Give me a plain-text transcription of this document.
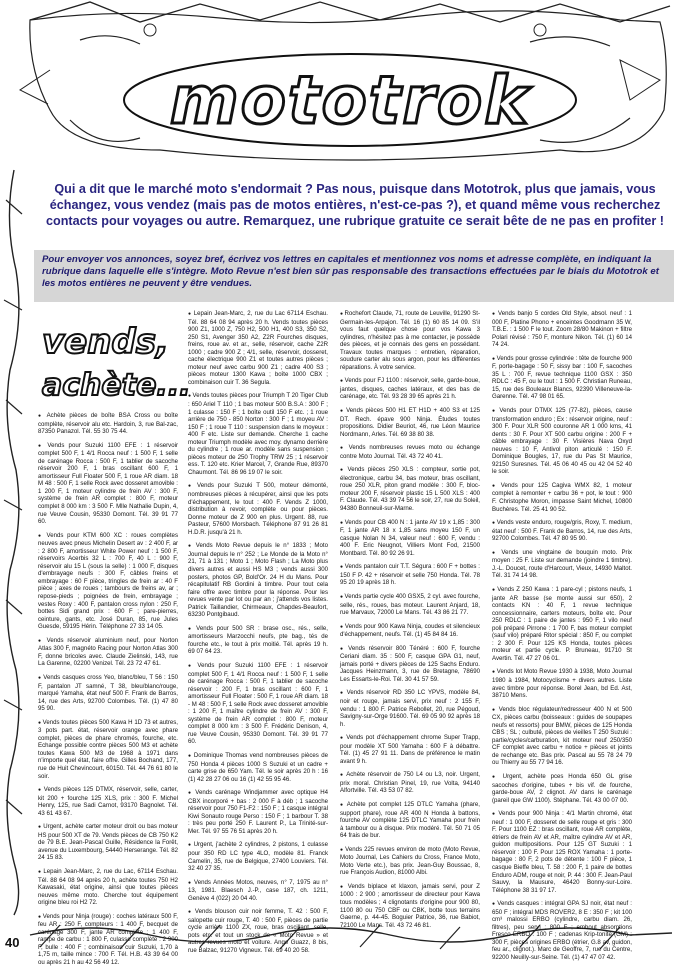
mototrok
Qui a dit que le marché moto s'endormait ? Pas nous, puisque dans Mototrok, plus que jamais, vous échangez, vous vendez (mais pas de motos entières, n'est-ce-pas ?), et quand même vous recherchez contacts pour voyages ou autre. Remarquez, une rubrique gratuite ce serait bête de ne pas en profiter !
Pour envoyer vos annonces, soyez bref, écrivez vos lettres en capitales et mentionnez vos noms et adresse complète, en indiquant la rubrique dans laquelle elle s'intègre. Moto Revue n'est bien sûr pas responsable des transactions effectuées par le biais du Mototrok et les motos entières ne peuvent y être vendues.
vends,
achète...

● Achète pièces de boîte BSA Cross ou boîte complète, réservoir alu etc. Hardoin, 3, rue Bal-zac, 87350 Panazol. Tél. 55 30 75 44.

● Vends pour Suzuki 1100 EFE : 1 réservoir complet 500 F, 1 4/1 Rocca neuf : 1 500 F, 1 selle de carénage Rocca : 500 F, 1 tablier de sacoche réservoir 200 F, 1 bras oscillant 600 F, 1 amortisseur Full Floater 500 F, 1 roue AR diam. 18 M 48 : 500 F, 1 selle Rock avec dosseret amovible : 1 200 F, 1 moteur cylindre de frein AV : 300 F, système de frein AR complet : 800 F, moteur complet 8 000 km : 3 500 F. Mlle Nathalie Dupin, 4, rue Veuve Cousin, 95330 Domont. Tél. 39 91 77 60.

● Vends pour KTM 600 XC : roues complètes neuves avec pneus Michelin Desert av : 2 400 F, ar : 2 800 F, amortisseur White Power neuf : 1 500 F, réservoirs Acerbis 32 L : 700 F, 40 L : 900 F, réservoir alu 15 L (sous la selle) : 1 000 F, disques d'embrayage neufs : 300 F, câbles freins et embrayage : 60 F pièce, tringles de frein ar : 40 F pièce ; axes de roues ; tambours de freins av, ar ; repose-pieds ; poignées de frein, embrayage ; vestes Roxy : 400 F, pantalon cross nylon : 250 F, bottes Sidi grand prix : 600 F ; pare-pierres, ceinture, gants, etc. José Duran, 85, rue Jules Guesde, 59195 Hérin. Téléphone 27 33 14 05.

● Vends réservoir aluminium neuf, pour Norton Atlas 300 F, magnéto Racing pour Norton Atlas 300 F, donne bricoles avec. Claude Zielinski, 143, rue La Garenne, 02200 Venizel. Tél. 23 72 47 61.

● Vends casques cross Yeo, blanc/bleu, T 56 : 150 F, pantalon JT samné, T 38, bleu/blanc/rouge, marqué Yamaha, état neuf 500 F. Frank de Barros, 14, rue des Arts, 92700 Colombes. Tél. (1) 47 80 95 90.

● Vends toutes pièces 500 Kawa H 1D 73 et autres, 3 pots part. état, réservoir orange avec phare complet, pièces de phare chromés, fourche, etc. Echange possible contre pièces 500 M3 et achète toutes Kawa 500 M3 de 1968 à 1971 dans n'importe quel état, faire offre. Gilles Bochand, 177, rue de Huit Chevincourt, 60150. Tél. 44 76 61 80 le soir.

● Vends pièces 125 DTMX, réservoir, selle, carter, kit 200 + fourche 125 XLS, prix : 300 F. Michel Henry, 125, rue Sadi Carnot, 93170 Bagnolet. Tél. 43 61 43 67.

● Urgent, achète carter moteur droit ou bas moteur HS pour 500 XT de 79. Vends pièces de CB 750 K2 de 79 B.E. Jean-Pascal Guille, Résidence la Forêt, avenue du Luxembourg, 54440 Herserange. Tél. 82 24 15 83.

● Lepain Jean-Marc, 2, rue du Lac, 67114 Eschau. Tél. 88 64 08 94 après 20 h, achète toutes 750 H2 Kawasaki, état origine, ainsi que toutes pièces neuves même moto. Cherche tout équipement origine bleu roi H2 72.

● Vends pour Ninja (rouge) : coches latéraux 500 F, feu AR : 250 F, compteurs : 1 400 F, becquet de carénage 300 F, jante AR complète : 1 400 F, rampe de carbu : 1 800 F, culasse complète : 2 900 F, bulle : 400 F ; combinaison cuir Suzuki, 1,70 à 1,75 m, taille mince : 700 F. Tél. H.B. 43 39 64 00 ou après 21 h au 42 56 49 12.

● Lepain Jean-Marc, 2, rue du Lac 67114 Eschau. Tél. 88 64 08 94 après 20 h. Vends toutes pièces 900 Z1, 1000 Z, 750 H2, 500 H1, 400 S3, 350 S2, 250 S1, Avenger 350 A2, Z2R Fourches disques, freins, roue av. et ar., selle, réservoir, cache Z2R 1000 ; cadre 900 Z ; 4/1, selle, réservoir, dosseret, cache électrique 900 Z1 et toutes autres pièces ; moteur neuf avec carbu 900 Z1 ; cadre 400 S3 ; pièces moteur 1300 Kawa ; boîte 1000 CBX ; combinaison cuir T. 36 Segula.

● Vends toutes pièces pour Triumph T 20 Tiger Club : 650 Ariel T 110 ; 1 bas moteur 500 B.S.A : 300 F ; 1 culasse : 150 F ; 1 boîte outil 150 F etc. ; 1 roue arrière de 750 - 850 Norton : 300 F ; 1 moyeu AV : 150 F ; 1 roue T 110 : suspension dans le moyeux : 400 F etc. Liste sur demande. Cherche 1 cache moteur Triumph modèle avec moy. dynamo derrière du cylindre ; 1 roue ar. modèle sans suspension ; pièces moteur de 250 Trophy TRW 25 ; 1 réservoir ess. T. 120 etc. Krier Marcel, 7, Grande Rue, 89370 Chaumont. Tél. 86 96 19 07 le soir.

● Vends pour Suzuki T 500, moteur démonté, nombreuses pièces à récupérer, ainsi que les pots d'échappement, le tout : 400 F. Vends Z 1000, distribution à revoir, complète ou pour pièces. Donne moteur de Z 900 en plus. Urgent. 88, rue Pasteur, 57600 Morsbach. Téléphone 87 91 26 81 H.D.R. jusqu'à 21 h.

● Vends Moto Revue depuis le n° 1833 ; Moto Journal depuis le n° 252 ; Le Monde de la Moto n° 21, 71 à 131 ; Moto 1 ; Moto Flash ; La Moto plus divers autres et aussi HS M3 ; vends aussi 300 posters, photos GP, Bold'Or. 24 H du Mans. Pour récapitulatif RB Gordini à timbre. Pour tout cela faire offre avec timbre pour la réponse. Pour les revues vente par lot ou par an ; j'attends vos listes. Patrick Taillandier, Chirmeaux, Chapdes-Beaufort, 63230 Pontgibaud.

● Vends pour 500 SR : brase osc., rés., selle, amortisseurs Marzocchi neufs, pte bag., tés de fourche etc., le tout à prix moitié. Tél. après 19 h. 69 07 64 23.

● Vends pour Suzuki 1100 EFE : 1 réservoir complet 500 F, 1 4/1 Rocca neuf : 1 500 F, 1 selle de carénage Rocca : 500 F, 1 tablier de sacoche réservoir : 200 F, 1 bras oscillant : 600 F, 1 amortisseur Full Floater : 500 F, 1 roue AR diam. 18 - M 48 : 500 F, 1 selle Rock avec dosseret amovible : 1 200 F, 1 maître cylindre de frein AV : 300 F, système de frein AR complet : 800 F, moteur complet 8 000 km : 3 500 F. Frédéric Denison, 4, rue Veuve Cousin, 95330 Domont. Tél. 39 91 77 60.

● Dominique Thomas vend nombreuses pièces de 750 Honda 4 pièces 1000 S Suzuki et un cadre + carte grise de 650 Yam. Tél. le soir après 20 h : 16 (1) 42 28 27 06 ou 16 (1) 42 55 95 46.

● Vends carénage Windjammer avec optique H4 CBX incorporé + bas : 2 000 F à déb ; 1 sacoche réservoir pour 750 F1-F2 : 150 F ; 1 casque intégral Kiwi Sonauto rouge Perso : 150 F ; 1 barbour T. 38 : très peu porté 250 F. Laurent P., La Trinité-sur-Mer. Tél. 97 55 76 51 après 20 h.

● Urgent, j'achète 2 cylindres, 2 pistons, 1 culasse pour 350 RD LC type 4LO, modèle 81. Franck Camelin, 35, rue de Belgique, 27400 Louviers. Tél. 32 40 27 35.

● Vends Années Motos, neuves, n° 7, 1975 au n° 13, 1981. Blaesch J.-P., case 187, ch. 1211, Genève 4 (022) 20 04 40.

● Vends blouson cuir noir femme, T. 42 : 500 F, salopette cuir rouge, T. 40 : 500 F, pièces de partie cycle arrière 1100 ZX, roue, bras oscillant, selle, pots etc. et tout un stock de « Moto Revue » et autres revues moto et voiture. Ange Guazz, 8 bis, rue Balzac, 91270 Vigneux. Tél. 69 40 20 58.

● Rochefort Claude, 71, route de Leuville, 91290 St-Germain-les-Arpajon. Tél. 16 (1) 60 85 14 09. S'il vous faut quelque chose pour vos Kawa 3 cylindres, n'hésitez pas à me contacter, je possède des pièces, et je connais des gens en possédant. Travaux toutes marques : entretien, réparation, soudure carter alu sous argon, pour les différentes réparations. À votre service.

● Vends pour FJ 1100 : réservoir, selle, garde-boue, jantes, disques, caches latéraux, et des bas de carénage, etc. Tél. 93 28 39 65 après 21 h.

● Vends pièces 500 H1 ET H1D + 400 S3 et 125 DT. Rech. épave 900 Ninja. Études toutes propositions. Didier Beuriot, 46, rue Léon Maurice Nordmann, Arles. Tél. 69 38 80 38.

● Vends nombreuses revues moto ou échange contre Moto Journal. Tél. 43 72 40 41.

● Vends pièces 250 XLS : compteur, sortie pot, électronique, carbu 34, bas moteur, bras oscillant, roue 250 XLR, piton grand modèle : 300 F, bloc-moteur 200 F, réservoir plastic 15 L 500 XLS : 400 F. Claude. Tél. 43 39 74 56 le soir, 27, rue du Soleil, 94380 Bonneuil-sur-Marne.

● Vends pour CB 400 N : 1 jante AV 19 x 1,85 : 300 F, 1 jante AR 18 x 1,85 sans moyeu 150 F, un casque Nolan N 34, valeur neuf : 600 F, vendu : 400 F. Eric Neugnot, Villiers Mont Fod, 21500 Montbard. Tél. 80 92 26 91.

● Vends pantalon cuir T.T. Ségura : 600 F + bottes : 150 F P. 42 + réservoir et selle 750 Honda. Tél. 78 95 20 19 après 18 h.

● Vends partie cycle 400 GSX5, 2 cyl. avec fourche, selle, rés., roues, bas moteur. Laurent Anjard, 18, rue Marvaux, 72000 Le Mans. Tél. 43 86 21 77.

● Vends pour 900 Kawa Ninja, coudes et silencieux d'échappement, neufs. Tél. (1) 45 84 84 16.

● Vends réservoir 800 Ténéré : 600 F, fourche Ceriani diam. 35 : 500 F, casque GPA G1, neuf, jamais porté + divers pièces de 125 Sachs Enduro. Jacques Heinzmann, 3, rue de Bretagne, 78690 Les Essarts-le-Roi. Tél. 30 41 57 59.

● Vends réservoir RD 350 LC YPVS, modèle 84, noir et rouge, jamais servi, prix neuf : 2 155 F, vendu : 1 800 F. Patrice Rebollet, 20, rue Pégoud, Savigny-sur-Orge 91600. Tél. 69 05 90 92 après 18 h.

● Vends pot d'échappement chrome Super Trapp, pour modèle XT 500 Yamaha : 600 F à débattre. Tél. (1) 45 27 91 11. Dans de préférence le matin avant 9 h.

● Achète réservoir de 750 L4 ou L3, noir. Urgent, prix moral. Christian Pinel, 19, rue Volta, 94140 Alfortville. Tél. 43 53 07 82.

● Achète pot complet 125 DTLC Yamaha (phare, support phare), roue AR 400 N Honda à battons, fourche AV complète 125 DTLC Yamaha pour frein à tambour ou à disque. Prix modéré. Tél. 50 71 05 64 frais de bur.

● Vends 225 revues environ de moto (Moto Revue, Moto Journal, Les Cahiers du Cross, France Moto, Moto Verte etc.), bas prix. Jean-Guy Boussac, 8, rue François Audion, 81000 Albi.

● Vends biplace et klaxon, jamais servi, pour Z 1000 : 2 900 ; amortisseur de directeur pour Kawa tous modèles ; 4 clignotants d'origine pour 900 80, 1100 80 ou 750 CBF ou CBK, botte tous terrains Gaerne, p. 44-45. Boguier Patrice, 36, rue Babiot, 72100 Le Mans. Tél. 43 72 46 81.

● Vends banjo 5 cordes Old Style, absol. neuf : 1 000 F, Platine Phono + enceintes Goodmann 35 W, T.B.E. : 1 500 F le tout. Zoom 28/80 Makinon + filtre Polari révisé : 750 F, monture Nikon. Tél. (1) 60 14 74 24.

● Vends pour grosse cylindrée : tête de fourche 900 F, porte-bagage : 50 F, sissy bar : 100 F, sacoches 35 L : 700 F, revue technique 1100 GSX : 350 RDLC : 45 F, ou le tout : 1 500 F. Christian Runeau, 15, rue des Bouleaux Blancs, 92390 Villeneuve-la-Garenne. Tél. 47 98 01 65.

● Vends pour DTMX 125 (77-82), pièces, cause transformation enduro ; Ex : réservoir origine, neuf : 300 F. Pour XLR 500 couronne AR 1 000 kms, 41 dents : 30 F. Pour XT 500 carbu origine : 200 F + câble embrayage : 30 F. Visières Nava Oxyd neuves : 10 F, Antivol piton articulé : 150 F. Dominique Bougles, 17, rue du Pas St Maurice, 92150 Suresnes. Tél. 45 06 40 45 ou 42 04 52 40 le soir.

● Vends pour 125 Cagiva WMX 82, 1 moteur complet à remonter + carbu 36 + pot, le tout : 900 F. Christophe Moron, impasse Saint Michel, 10800 Buchères. Tél. 25 41 90 52.

● Vends veste enduro, rouge/gris, Roxy, T. medium, état neuf : 500 F. Frank de Barros, 14, rue des Arts, 92700 Colombes. Tél. 47 80 95 90.

● Vends une vingtaine de bouquin moto. Prix moyen : 25 F. Liste sur demande (joindre 1 timbre). J.-L. Doucet, route d'Harcourt, Vieux, 14930 Maltot. Tél. 31 74 14 98.

● Vends Z 250 Kawa : 1 pare-cyl ; pistons neufs, 1 jante AR basse (se monte aussi sur 650), 2 contacts KN : 40 F, 1 revue technique concessionnaire, carters moteurs, boîte etc. Pour 250 RDLC : 1 paire de jantes : 950 F, 1 vilo neuf poli préparé Pirrone : 1 700 F, bas moteur complet (sauf vilo) préparé Ritor spécial : 850 F, ou complet : 2 300 F. Pour 125 KS Honda, toutes pièces moteur et partie cycle. P. Bruneau, 91710 St Avertin. Tél. 47 27 06 01.

● Vends lot Moto Revue 1930 à 1938, Moto Journal 1980 à 1984, Motocyclisme + divers autres. Liste avec timbre pour réponse. Borel Jean, bd Ed. Ast, 38710 Mens.

● Vends bloc régulateur/redresseur 400 N et 500 CX, pièces carbu (boisseaux : guides de soupapes neufs et ressorts) pour BMW, pièces de 125 Honda CBS ; SL ; culbuté, pièces de vieilles T 250 Suzuki : partie/cycles/carburation, kit moteur neuf 250/350 CF complet avec carbu + notice + pièces et joints de rechange etc. Bas prix. Pascal au 55 78 24 79 ou Thierry au 55 77 94 16.

● Urgent, achète pces Honda 650 GL grise sacoches d'origine, tubes + bis vif. de fourche, garde-boue AV, 2 clignot. AV dans le carénage (pareil que GW 1100). Stéphane. Tél. 43 00 07 00.

● Vends pour 900 Ninja : 4/1 Martin chromé, état neuf : 1 000 F, dosseret de selle rouge et gris : 300 F. Pour 1100 EZ : bras oscillant, roue AR complète, étriers de frein AV et AR, maître cylindre AV et AR, guidon multipositions. Pour 125 GT Suzuki : 1 réservoir : 100 F. Pour 125 ROX Yamaha : 1 porte-bagage : 80 F, 2 pots de détente : 100 F pièce, 1 casque Bieffe bleu, T. 58 : 200 F, 1 paire de bottes Enduro ADM, rouge et noir, P. 44 : 300 F. Jean-Paul Sauvy, la Mausure, 46420 Bonny-sur-Loire. Téléphone 38 31 97 17.

● Vends casques : intégral GPA SJ noir, état neuf : 650 F ; intégral MDS ROVER2, 8 E : 350 F ; kit 100 cm³ malossi ERBO (cylindre, carbu diam. 26, filtres), peu servi : 800 F ; embout absorptions Fresco ERBO : 100 F ; cadenas Krip-tonite (GM) : 300 F, pièces origines ERBO (étrier, G.8 av, guidon, feu ar., clignot.). Marc de Geoffre, 7, rue du Centre, 92200 Neuilly-sur-Seine. Tél. (1) 47 47 07 42.

40
